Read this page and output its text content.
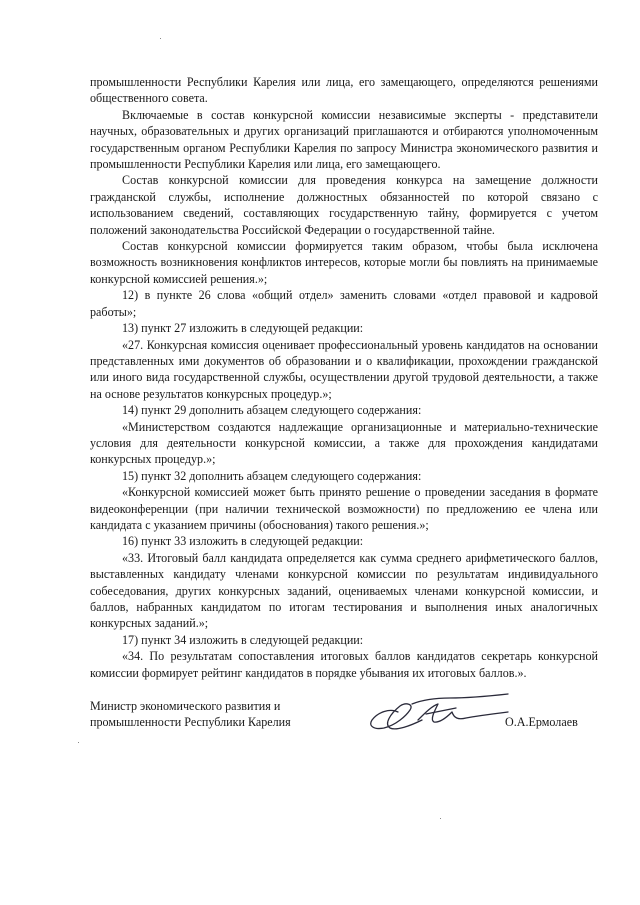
промышленности Республики Карелия или лица, его замещающего, определяются решениями общественного совета.

Включаемые в состав конкурсной комиссии независимые эксперты - представители научных, образовательных и других организаций приглашаются и отбираются уполномоченным государственным органом Республики Карелия по запросу Министра экономического развития и промышленности Республики Карелия или лица, его замещающего.

Состав конкурсной комиссии для проведения конкурса на замещение должности гражданской службы, исполнение должностных обязанностей по которой связано с использованием сведений, составляющих государственную тайну, формируется с учетом положений законодательства Российской Федерации о государственной тайне.

Состав конкурсной комиссии формируется таким образом, чтобы была исключена возможность возникновения конфликтов интересов, которые могли бы повлиять на принимаемые конкурсной комиссией решения.»;

12) в пункте 26 слова «общий отдел» заменить словами «отдел правовой и кадровой работы»;

13) пункт 27 изложить в следующей редакции:

«27. Конкурсная комиссия оценивает профессиональный уровень кандидатов на основании представленных ими документов об образовании и о квалификации, прохождении гражданской или иного вида государственной службы, осуществлении другой трудовой деятельности, а также на основе результатов конкурсных процедур.»;

14) пункт 29 дополнить абзацем следующего содержания:

«Министерством создаются надлежащие организационные и материально-технические условия для деятельности конкурсной комиссии, а также для прохождения кандидатами конкурсных процедур.»;

15) пункт 32 дополнить абзацем следующего содержания:

«Конкурсной комиссией может быть принято решение о проведении заседания в формате видеоконференции (при наличии технической возможности) по предложению ее члена или кандидата с указанием причины (обоснования) такого решения.»;

16) пункт 33 изложить в следующей редакции:

«33. Итоговый балл кандидата определяется как сумма среднего арифметического баллов, выставленных кандидату членами конкурсной комиссии по результатам индивидуального собеседования, других конкурсных заданий, оцениваемых членами конкурсной комиссии, и баллов, набранных кандидатом по итогам тестирования и выполнения иных аналогичных конкурсных заданий.»;

17) пункт 34 изложить в следующей редакции:

«34. По результатам сопоставления итоговых баллов кандидатов секретарь конкурсной комиссии формирует рейтинг кандидатов в порядке убывания их итоговых баллов.».

Министр экономического развития и
промышленности Республики Карелия	О.А.Ермолаев
